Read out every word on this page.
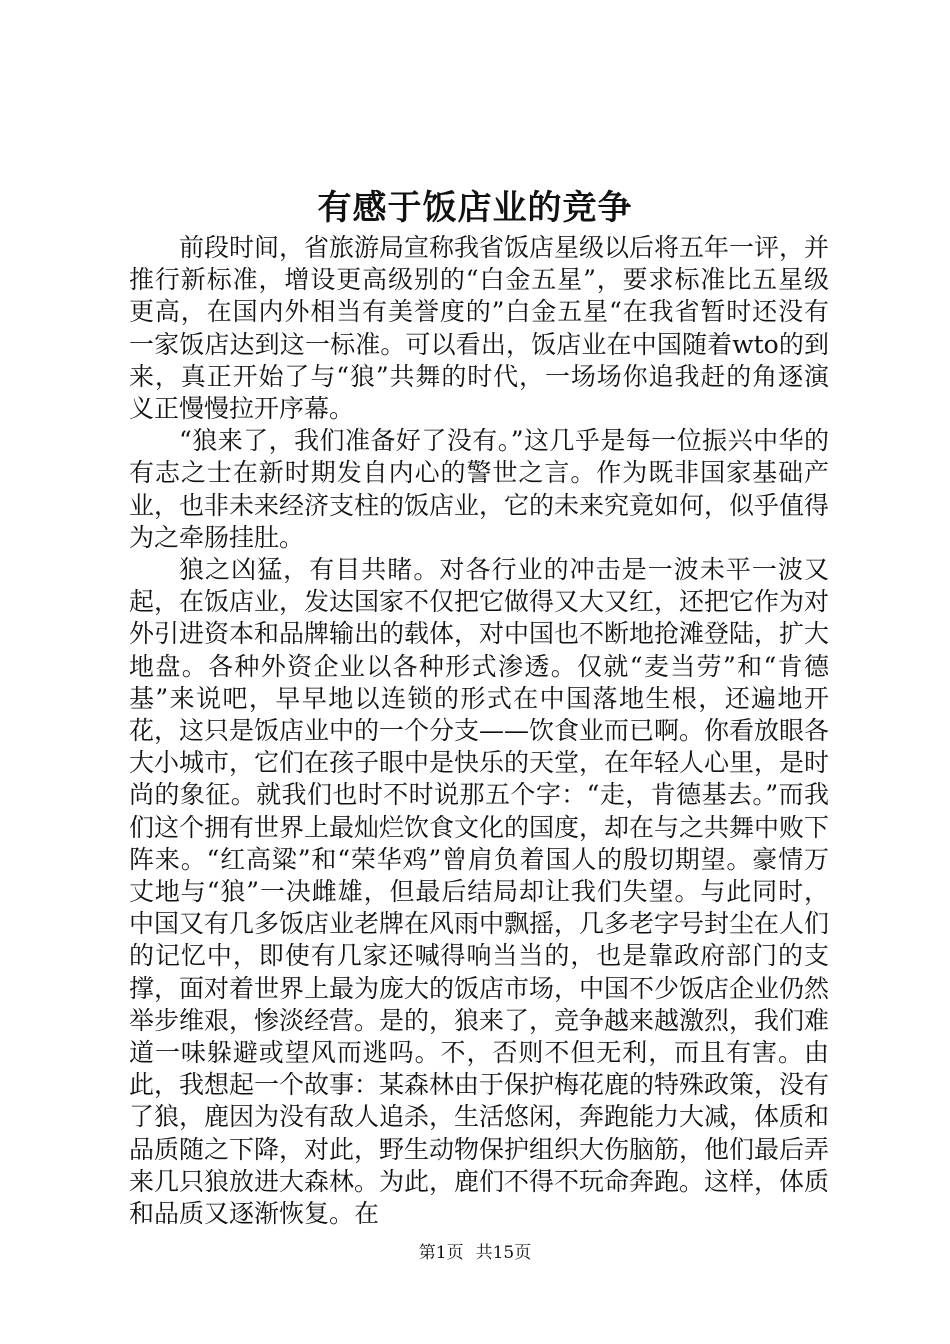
有感于饭店业的竞争

前段时间，省旅游局宣称我省饭店星级以后将五年一评，并推行新标准，增设更高级别的“白金五星”，要求标准比五星级更高，在国内外相当有美誉度的”白金五星“在我省暂时还没有一家饭店达到这一标准。可以看出，饭店业在中国随着wto的到来，真正开始了与“狼”共舞的时代，一场场你追我赶的角逐演义正慢慢拉开序幕。

“狼来了，我们准备好了没有。”这几乎是每一位振兴中华的有志之士在新时期发自内心的警世之言。作为既非国家基础产业，也非未来经济支柱的饭店业，它的未来究竟如何，似乎值得为之牵肠挂肚。

狼之凶猛，有目共睹。对各行业的冲击是一波未平一波又起，在饭店业，发达国家不仅把它做得又大又红，还把它作为对外引进资本和品牌输出的载体，对中国也不断地抢滩登陆，扩大地盘。各种外资企业以各种形式渗透。仅就“麦当劳”和“肯德基”来说吧，早早地以连锁的形式在中国落地生根，还遍地开花，这只是饭店业中的一个分支——饮食业而已啊。你看放眼各大小城市，它们在孩子眼中是快乐的天堂，在年轻人心里，是时尚的象征。就我们也时不时说那五个字：“走，肯德基去。”而我们这个拥有世界上最灿烂饮食文化的国度，却在与之共舞中败下阵来。“红高粱”和“荣华鸡”曾肩负着国人的殷切期望。豪情万丈地与“狼”一决雌雄，但最后结局却让我们失望。与此同时，中国又有几多饭店业老牌在风雨中飘摇，几多老字号封尘在人们的记忆中，即使有几家还喊得响当当的，也是靠政府部门的支撑，面对着世界上最为庞大的饭店市场，中国不少饭店企业仍然举步维艰，惨淡经营。是的，狼来了，竞争越来越激烈，我们难道一味躲避或望风而逃吗。不，否则不但无利，而且有害。由此，我想起一个故事：某森林由于保护梅花鹿的特殊政策，没有了狼，鹿因为没有敌人追杀，生活悠闲，奔跑能力大减，体质和品质随之下降，对此，野生动物保护组织大伤脑筋，他们最后弄来几只狼放进大森林。为此，鹿们不得不玩命奔跑。这样，体质和品质又逐渐恢复。在

第1页 共15页
